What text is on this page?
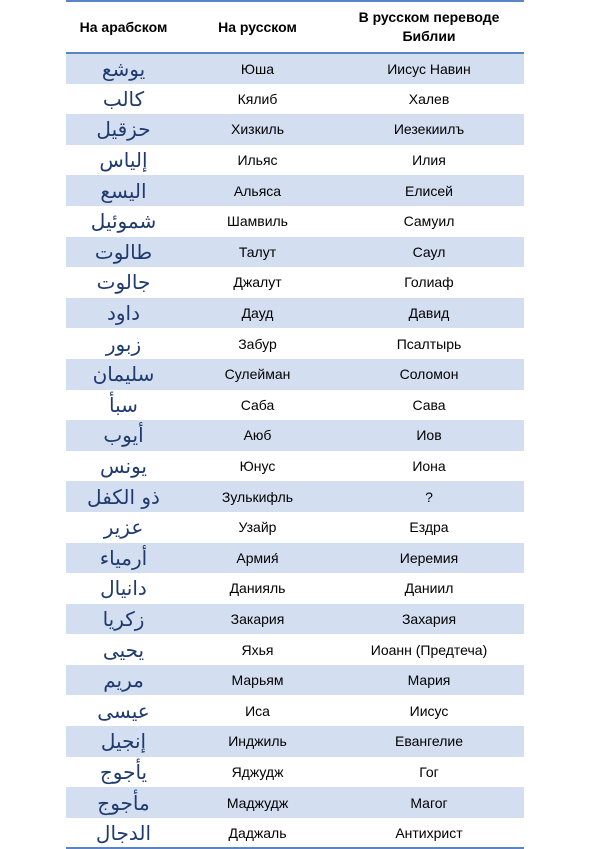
На арабском	На русском	В русском переводе Библии
يوشع	Юша	Иисус Навин
كالب	Кялиб	Халев
حزقيل	Хизкиль	Иезекиилъ
إلياس	Ильяс	Илия
اليسع	Альяса	Елисей
شموئيل	Шамвиль	Самуил
طالوت	Талут	Саул
جالوت	Джалут	Голиаф
داود	Дауд	Давид
زبور	Забур	Псалтырь
سليمان	Сулейман	Соломон
سبأ	Саба	Сава
أيوب	Аюб	Иов
يونس	Юнус	Иона
ذو الكفل	Зулькифль	?
عزير	Узайр	Ездра
أرمياء	Армия́	Иеремия
دانيال	Данияль	Даниил
زكريا	Закария	Захария
يحيى	Яхья	Иоанн (Предтеча)
مريم	Марьям	Мария
عيسى	Иса	Иисус
إنجيل	Инджиль	Евангелие
يأجوج	Яджудж	Гог
مأجوج	Маджудж	Магог
الدجال	Даджаль	Антихрист
